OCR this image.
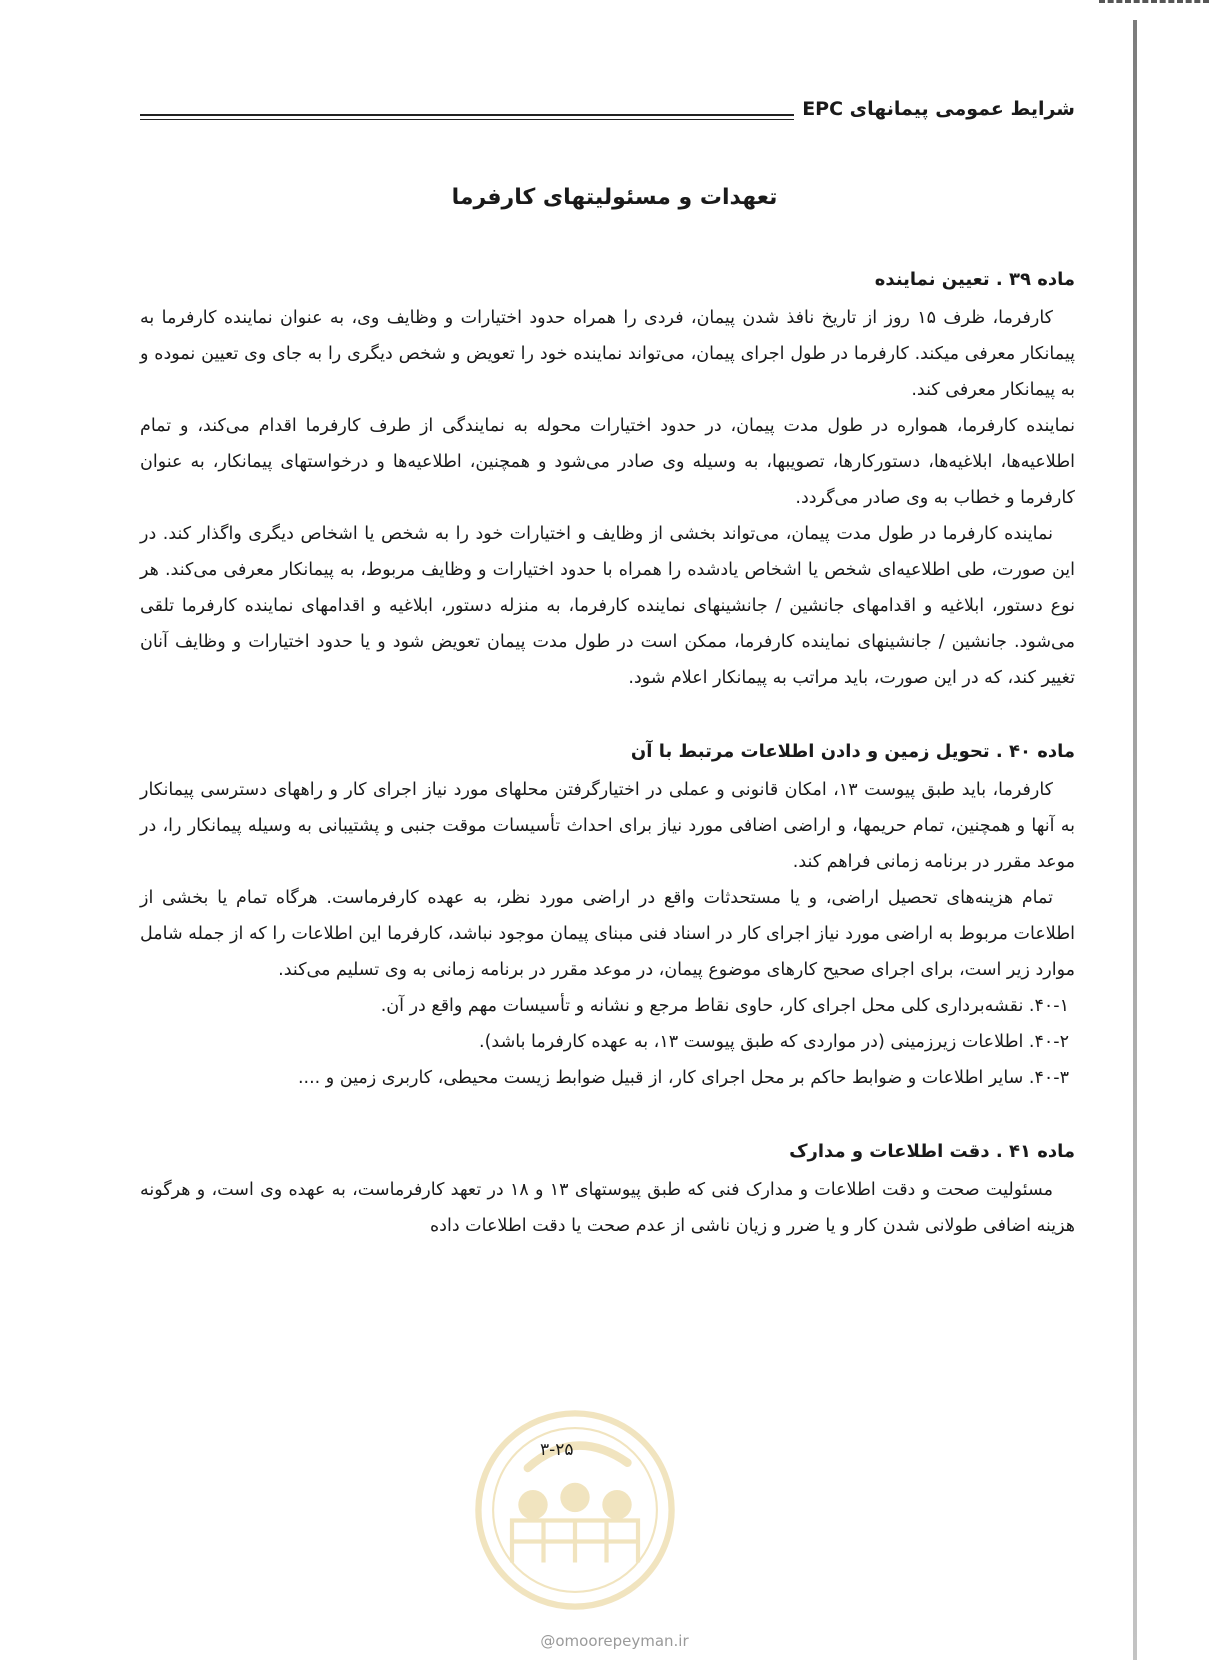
شرایط عمومی پیمانهای EPC
تعهدات و مسئولیتهای کارفرما
ماده ۳۹ . تعیین نماینده

کارفرما، ظرف ۱۵ روز از تاریخ نافذ شدن پیمان، فردی را همراه حدود اختیارات و وظایف وی، به عنوان نماینده کارفرما به پیمانکار معرفی میکند. کارفرما در طول اجرای پیمان، می‌تواند نماینده خود را تعویض و شخص دیگری را به جای وی تعیین نموده و به پیمانکار معرفی کند.

نماینده کارفرما، همواره در طول مدت پیمان، در حدود اختیارات محوله به نمایندگی از طرف کارفرما اقدام می‌کند، و تمام اطلاعیه‌ها، ابلاغیه‌ها، دستورکارها، تصویبها، به وسیله وی صادر می‌شود و همچنین، اطلاعیه‌ها و درخواستهای پیمانکار، به عنوان کارفرما و خطاب به وی صادر می‌گردد.

نماینده کارفرما در طول مدت پیمان، می‌تواند بخشی از وظایف و اختیارات خود را به شخص یا اشخاص دیگری واگذار کند. در این صورت، طی اطلاعیه‌ای شخص یا اشخاص یادشده را همراه با حدود اختیارات و وظایف مربوط، به پیمانکار معرفی می‌کند. هر نوع دستور، ابلاغیه و اقدامهای جانشین / جانشینهای نماینده کارفرما، به منزله دستور، ابلاغیه و اقدامهای نماینده کارفرما تلقی می‌شود. جانشین / جانشینهای نماینده کارفرما، ممکن است در طول مدت پیمان تعویض شود و یا حدود اختیارات و وظایف آنان تغییر کند، که در این صورت، باید مراتب به پیمانکار اعلام شود.

ماده ۴۰ . تحویل زمین و دادن اطلاعات مرتبط با آن

کارفرما، باید طبق پیوست ۱۳، امکان قانونی و عملی در اختیارگرفتن محلهای مورد نیاز اجرای کار و راههای دسترسی پیمانکار به آنها و همچنین، تمام حریمها، و اراضی اضافی مورد نیاز برای احداث تأسیسات موقت جنبی و پشتیبانی به وسیله پیمانکار را، در موعد مقرر در برنامه زمانی فراهم کند.

تمام هزینه‌های تحصیل اراضی، و یا مستحدثات واقع در اراضی مورد نظر، به عهده کارفرماست. هرگاه تمام یا بخشی از اطلاعات مربوط به اراضی مورد نیاز اجرای کار در اسناد فنی مبنای پیمان موجود نباشد، کارفرما این اطلاعات را که از جمله شامل موارد زیر است، برای اجرای صحیح کارهای موضوع پیمان، در موعد مقرر در برنامه زمانی به وی تسلیم می‌کند.

۴۰-۱. نقشه‌برداری کلی محل اجرای کار، حاوی نقاط مرجع و نشانه و تأسیسات مهم واقع در آن.

۴۰-۲. اطلاعات زیرزمینی (در مواردی که طبق پیوست ۱۳، به عهده کارفرما باشد).

۴۰-۳. سایر اطلاعات و ضوابط حاکم بر محل اجرای کار، از قبیل ضوابط زیست محیطی، کاربری زمین و ....

ماده ۴۱ . دقت اطلاعات و مدارک

مسئولیت صحت و دقت اطلاعات و مدارک فنی که طبق پیوستهای ۱۳ و ۱۸ در تعهد کارفرماست، به عهده وی است، و هرگونه هزینه اضافی طولانی شدن کار و یا ضرر و زیان ناشی از عدم صحت یا دقت اطلاعات داده

۳-۲۵
@omoorepeyman.ir
